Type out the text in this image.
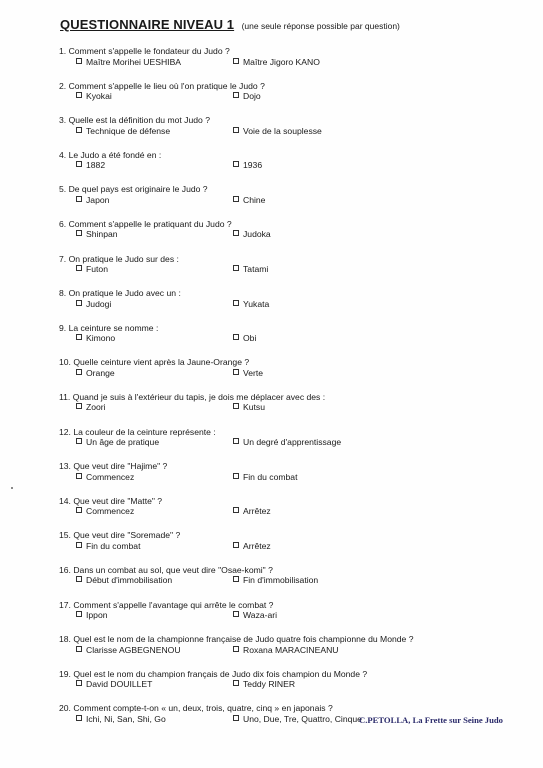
QUESTIONNAIRE NIVEAU 1 (une seule réponse possible par question)
1. Comment s'appelle le fondateur du Judo ?
Maître Morihei UESHIBA	Maître Jigoro KANO
2. Comment s'appelle le lieu où l'on pratique le Judo ?
Kyokai	Dojo
3. Quelle est la définition du mot Judo ?
Technique de défense	Voie de la souplesse
4. Le Judo a été fondé en :
1882	1936
5. De quel pays est originaire le Judo ?
Japon	Chine
6. Comment s'appelle le pratiquant du Judo ?
Shinpan	Judoka
7. On pratique le Judo sur des :
Futon	Tatami
8. On pratique le Judo avec un :
Judogi	Yukata
9. La ceinture se nomme :
Kimono	Obi
10. Quelle ceinture vient après la Jaune-Orange ?
Orange	Verte
11. Quand je suis à l'extérieur du tapis, je dois me déplacer avec des :
Zoori	Kutsu
12. La couleur de la ceinture représente :
Un âge de pratique	Un degré d'apprentissage
13. Que veut dire "Hajime" ?
Commencez	Fin du combat
14. Que veut dire "Matte" ?
Commencez	Arrêtez
15. Que veut dire "Soremade" ?
Fin du combat	Arrêtez
16. Dans un combat au sol, que veut dire "Osae-komi" ?
Début d'immobilisation	Fin d'immobilisation
17. Comment s'appelle l'avantage qui arrête le combat ?
Ippon	Waza-ari
18. Quel est le nom de la championne française de Judo quatre fois championne du Monde ?
Clarisse AGBEGNENOU	Roxana MARACINEANU
19. Quel est le nom du champion français de Judo dix fois champion du Monde ?
David DOUILLET	Teddy RINER
20. Comment compte-t-on « un, deux, trois, quatre, cinq » en japonais ?
Ichi, Ni, San, Shi, Go	Uno, Due, Tre, Quattro, Cinque
C.PETOLLA, La Frette sur Seine Judo
